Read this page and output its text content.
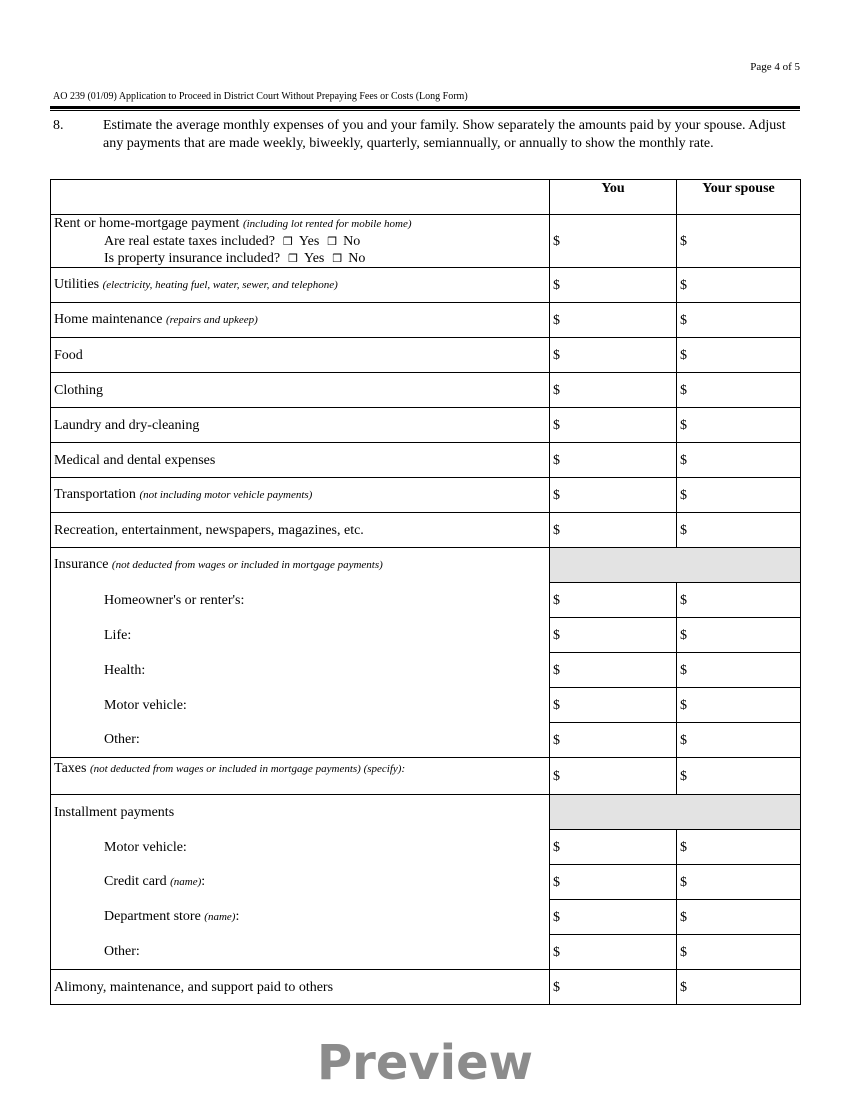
Page 4 of 5
AO 239 (01/09) Application to Proceed in District Court Without Prepaying Fees or Costs (Long Form)
8.	Estimate the average monthly expenses of you and your family. Show separately the amounts paid by your spouse. Adjust any payments that are made weekly, biweekly, quarterly, semiannually, or annually to show the monthly rate.
	You	Your spouse

Rent or home-mortgage payment (including lot rented for mobile home)
Are real estate taxes included? ❒ Yes ❒ No
Is property insurance included? ❒ Yes ❒ No	$	$
Utilities (electricity, heating fuel, water, sewer, and telephone)	$	$
Home maintenance (repairs and upkeep)	$	$
Food	$	$
Clothing	$	$
Laundry and dry-cleaning	$	$
Medical and dental expenses	$	$
Transportation (not including motor vehicle payments)	$	$
Recreation, entertainment, newspapers, magazines, etc.	$	$
Insurance (not deducted from wages or included in mortgage payments)		
Homeowner's or renter's:	$	$
Life:	$	$
Health:	$	$
Motor vehicle:	$	$
Other:	$	$
Taxes (not deducted from wages or included in mortgage payments) (specify):	$	$
Installment payments		
Motor vehicle:	$	$
Credit card (name):	$	$
Department store (name):	$	$
Other:	$	$
Alimony, maintenance, and support paid to others	$	$
Preview
